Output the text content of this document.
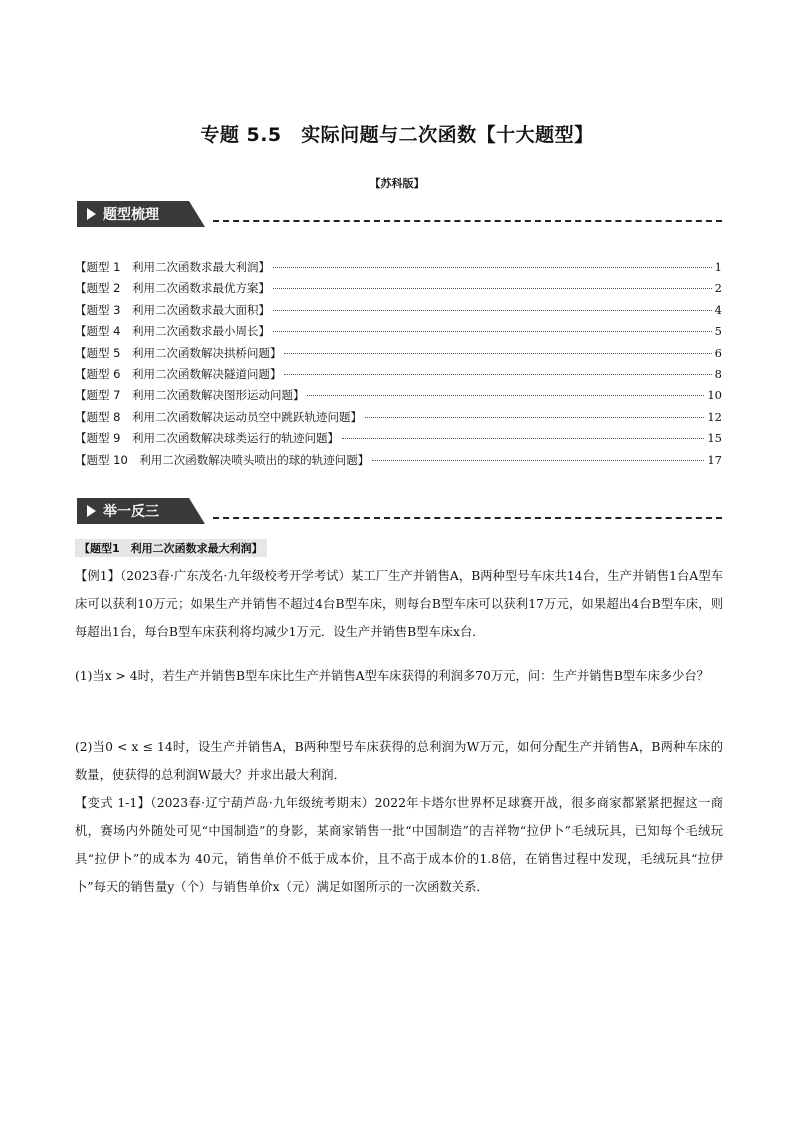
专题 5.5　实际问题与二次函数【十大题型】
【苏科版】
题型梳理
【题型 1　利用二次函数求最大利润】	1
【题型 2　利用二次函数求最优方案】	2
【题型 3　利用二次函数求最大面积】	4
【题型 4　利用二次函数求最小周长】	5
【题型 5　利用二次函数解决拱桥问题】	6
【题型 6　利用二次函数解决隧道问题】	8
【题型 7　利用二次函数解决图形运动问题】	10
【题型 8　利用二次函数解决运动员空中跳跃轨迹问题】	12
【题型 9　利用二次函数解决球类运行的轨迹问题】	15
【题型 10　利用二次函数解决喷头喷出的球的轨迹问题】	17
举一反三
【题型1　利用二次函数求最大利润】

【例1】（2023春·广东茂名·九年级校考开学考试）某工厂生产并销售A，B两种型号车床共14台，生产并销售1台A型车床可以获利10万元；如果生产并销售不超过4台B型车床，则每台B型车床可以获利17万元，如果超出4台B型车床，则每超出1台，每台B型车床获利将均减少1万元．设生产并销售B型车床x台．

(1)当x > 4时，若生产并销售B型车床比生产并销售A型车床获得的利润多70万元，问：生产并销售B型车床多少台？

(2)当0 < x ≤ 14时，设生产并销售A，B两种型号车床获得的总利润为W万元，如何分配生产并销售A，B两种车床的数量，使获得的总利润W最大？并求出最大利润．

【变式 1-1】（2023春·辽宁葫芦岛·九年级统考期末）2022年卡塔尔世界杯足球赛开战，很多商家都紧紧把握这一商机，赛场内外随处可见“中国制造”的身影，某商家销售一批“中国制造”的吉祥物“拉伊卜”毛绒玩具，已知每个毛绒玩具“拉伊卜”的成本为 40元，销售单价不低于成本价，且不高于成本价的1.8倍，在销售过程中发现，毛绒玩具“拉伊卜”每天的销售量y（个）与销售单价x（元）满足如图所示的一次函数关系．
